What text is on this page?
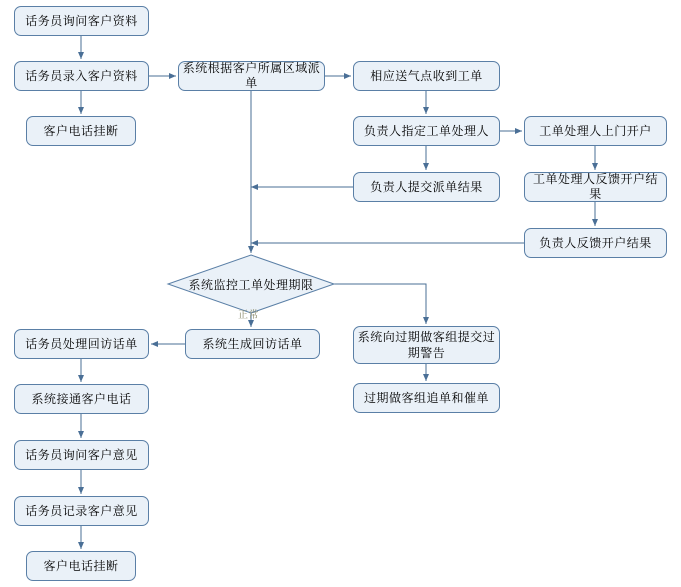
话务员询问客户资料
话务员录入客户资料
客户电话挂断
系统根据客户所属区域派单
相应送气点收到工单
负责人指定工单处理人	工单处理人上门开户
负责人提交派单结果
工单处理人反馈开户结果
负责人反馈开户结果
系统监控工单处理期限
正常
系统向过期做客组提交过期警告
过期做客组追单和催单
系统生成回访话单
话务员处理回访话单
系统接通客户电话
话务员询问客户意见
话务员记录客户意见
客户电话挂断
